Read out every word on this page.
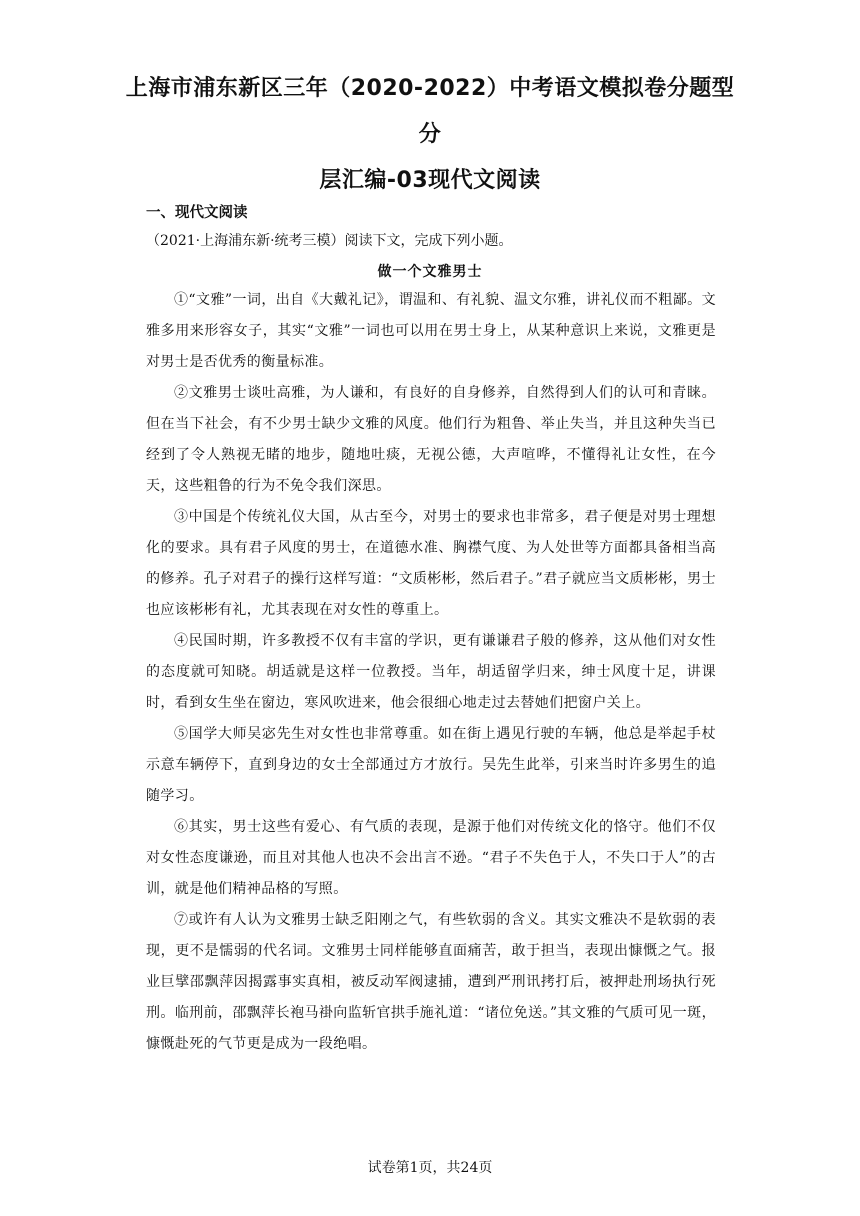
上海市浦东新区三年（2020-2022）中考语文模拟卷分题型分
层汇编-03现代文阅读
一、现代文阅读

（2021·上海浦东新·统考三模）阅读下文，完成下列小题。

做一个文雅男士

①“文雅”一词，出自《大戴礼记》，谓温和、有礼貌、温文尔雅，讲礼仪而不粗鄙。文雅多用来形容女子，其实“文雅”一词也可以用在男士身上，从某种意识上来说，文雅更是对男士是否优秀的衡量标准。

②文雅男士谈吐高雅，为人谦和，有良好的自身修养，自然得到人们的认可和青睐。但在当下社会，有不少男士缺少文雅的风度。他们行为粗鲁、举止失当，并且这种失当已经到了令人熟视无睹的地步，随地吐痰，无视公德，大声喧哗，不懂得礼让女性，在今天，这些粗鲁的行为不免令我们深思。

③中国是个传统礼仪大国，从古至今，对男士的要求也非常多，君子便是对男士理想化的要求。具有君子风度的男士，在道德水准、胸襟气度、为人处世等方面都具备相当高的修养。孔子对君子的操行这样写道：“文质彬彬，然后君子。”君子就应当文质彬彬，男士也应该彬彬有礼，尤其表现在对女性的尊重上。

④民国时期，许多教授不仅有丰富的学识，更有谦谦君子般的修养，这从他们对女性的态度就可知晓。胡适就是这样一位教授。当年，胡适留学归来，绅士风度十足，讲课时，看到女生坐在窗边，寒风吹进来，他会很细心地走过去替她们把窗户关上。

⑤国学大师吴宓先生对女性也非常尊重。如在街上遇见行驶的车辆，他总是举起手杖示意车辆停下，直到身边的女士全部通过方才放行。吴先生此举，引来当时许多男生的追随学习。

⑥其实，男士这些有爱心、有气质的表现，是源于他们对传统文化的恪守。他们不仅对女性态度谦逊，而且对其他人也决不会出言不逊。“君子不失色于人，不失口于人”的古训，就是他们精神品格的写照。

⑦或许有人认为文雅男士缺乏阳刚之气，有些软弱的含义。其实文雅决不是软弱的表现，更不是懦弱的代名词。文雅男士同样能够直面痛苦，敢于担当，表现出慷慨之气。报业巨擘邵飘萍因揭露事实真相，被反动军阀逮捕，遭到严刑讯拷打后，被押赴刑场执行死刑。临刑前，邵飘萍长袍马褂向监斩官拱手施礼道：“诸位免送。”其文雅的气质可见一斑，慷慨赴死的气节更是成为一段绝唱。

试卷第1页，共24页
